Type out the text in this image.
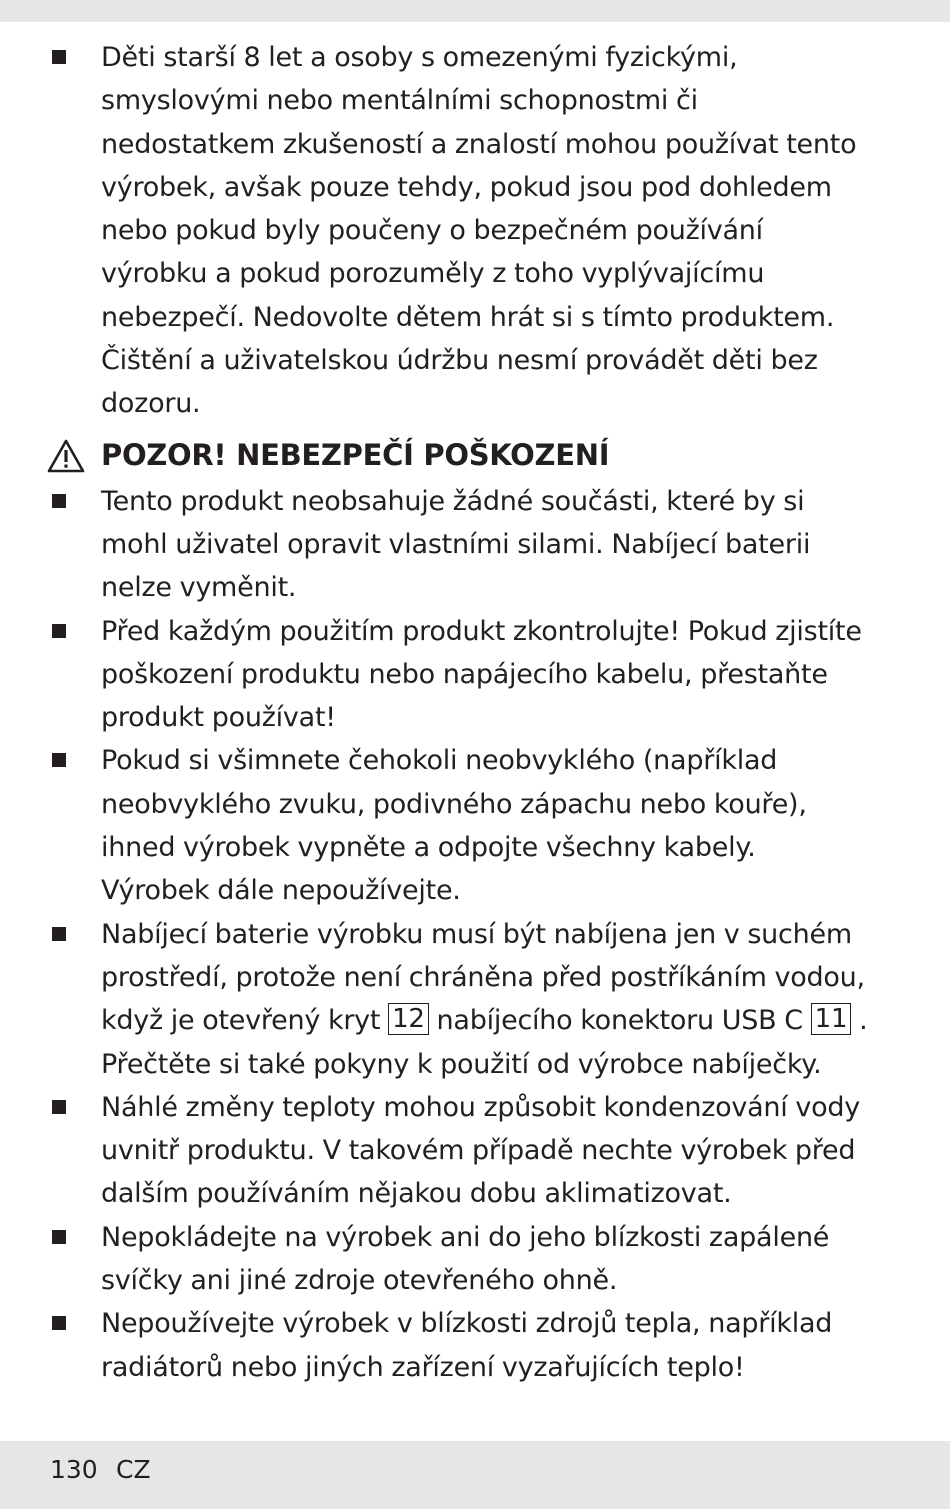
Děti starší 8 let a osoby s omezenými fyzickými, smyslovými nebo mentálními schopnostmi či nedostatkem zkušeností a znalostí mohou používat tento výrobek, avšak pouze tehdy, pokud jsou pod dohledem nebo pokud byly poučeny o bezpečném používání výrobku a pokud porozuměly z toho vyplývajícímu nebezpečí. Nedovolte dětem hrát si s tímto produktem. Čištění a uživatelskou údržbu nesmí provádět děti bez dozoru.
POZOR! NEBEZPEČÍ POŠKOZENÍ
Tento produkt neobsahuje žádné součásti, které by si mohl uživatel opravit vlastními silami. Nabíjecí baterii nelze vyměnit.
Před každým použitím produkt zkontrolujte! Pokud zjistíte poškození produktu nebo napájecího kabelu, přestaňte produkt používat!
Pokud si všimnete čehokoli neobvyklého (například neobvyklého zvuku, podivného zápachu nebo kouře), ihned výrobek vypněte a odpojte všechny kabely. Výrobek dále nepoužívejte.
Nabíjecí baterie výrobku musí být nabíjena jen v suchém prostředí, protože není chráněna před postříkáním vodou, když je otevřený kryt 12 nabíjecího konektoru USB C 11 . Přečtěte si také pokyny k použití od výrobce nabíječky.
Náhlé změny teploty mohou způsobit kondenzování vody uvnitř produktu. V takovém případě nechte výrobek před dalším používáním nějakou dobu aklimatizovat.
Nepokládejte na výrobek ani do jeho blízkosti zapálené svíčky ani jiné zdroje otevřeného ohně.
Nepoužívejte výrobek v blízkosti zdrojů tepla, například radiátorů nebo jiných zařízení vyzařujících teplo!
130 CZ
